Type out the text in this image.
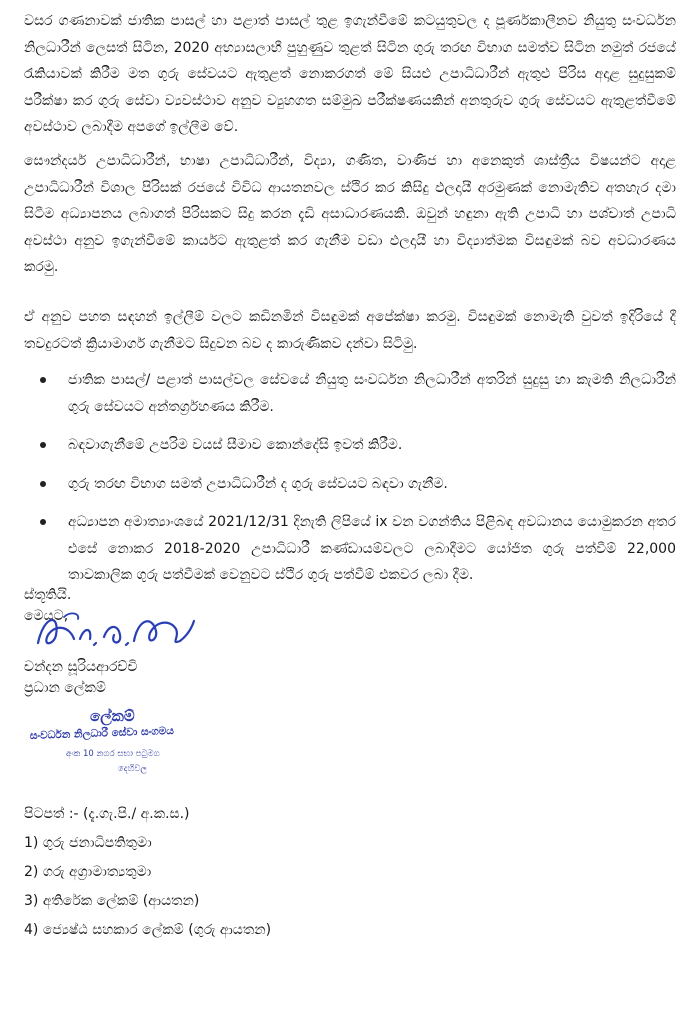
වසර ගණනාවක් ජාතික පාසල් හා පළාත් පාසල් තුළ ඉගැන්වීමේ කටයුතුවල ද පූර්ණකාලීනව නියුතු සංවර්ධන නිලධාරීන් ලෙසත් සිටින, 2020 අභ්‍යාසලාභී පුහුණුව තුළත් සිටින ගුරු තරඟ විභාග සමත්ව සිටින නමුත් රජයේ රැකියාවක් කිරීම මත ගුරු සේවයට ඇතුළත් නොකරගත් මේ සියළු උපාධිධාරීන් ඇතුළු පිරිස අදාළ සුදුසුකම් පරීක්ෂා කර ගුරු සේවා ව්‍යවස්ථාව අනුව ව්‍යුහගත සම්මුඛ පරීක්ෂණයකින් අනතුරුව ගුරු සේවයට ඇතුළත්වීමේ අවස්ථාව ලබාදීම අපගේ ඉල්ලීම වේ.

සෞන්දර්ය උපාධිධාරීන්, භාෂා උපාධිධාරීන්, විද්‍යා, ගණිත, වාණිජ හා අනෙකුත් ශාස්ත්‍රීය විෂයන්ට අදාළ උපාධිධාරීන් විශාල පිරිසක් රජයේ විවිධ ආයතනවල ස්ථිර කර කිසිදු ඵලදායී අරමුණක් නොමැතිව අතහැර දමා සිටීම අධ්‍යාපනය ලබාගත් පිරිසකට සිදු කරන දැඩි අසාධාරණයකි. ඔවුන් හඳුනා ඇති උපාධි හා පශ්චාත් උපාධි අවස්ථා අනුව ඉගැන්වීමේ කාර්යට ඇතුළත් කර ගැනීම වඩා ඵලදායී හා විද්‍යාත්මක විසඳුමක් බව අවධාරණය කරමු.

ඒ අනුව පහත සඳහන් ඉල්ලීම් වලට කඩිනමින් විසඳුමක් අපේක්ෂා කරමු. විසඳුමක් නොමැති වුවත් ඉදිරියේ දී තවදුරටත් ක්‍රියාමාර්ග ගැනීමට සිදුවන බව ද කාරුණිකව දන්වා සිටිමු.

ජාතික පාසල්/ පළාත් පාසල්වල සේවයේ නියුතු සංවර්ධන නිලධාරීන් අතරින් සුදුසු හා කැමති නිලධාරීන් ගුරු සේවයට අන්තර්ග්‍රහණය කිරීම.
බඳවාගැනීමේ උපරිම වයස් සීමාව කොන්දේසි ඉවත් කිරීම.
ගුරු තරඟ විභාග සමත් උපාධිධාරීන් ද ගුරු සේවයට බඳවා ගැනීම.
අධ්‍යාපන අමාත්‍යාංශයේ 2021/12/31 දිනැති ලිපියේ ix වන වගන්තිය පිළිබඳ අවධානය යොමුකරන අතර එසේ නොකර 2018-2020 උපාධිධාරී කණ්ඩායම්වලට ලබාදීමට යෝජිත ගුරු පත්වීම් 22,000 තාවකාලික ගුරු පත්වීමක් වෙනුවට ස්ථිර ගුරු පත්වීම් එකවර ලබා දීම.

ස්තූතියි.

මෙයට,

චන්දන සූරියආරච්චි
ප්‍රධාන ලේකම්
ලේකම්
සංවර්ධන නිලධාරී සේවා සංගමය
අංක 10 නගර සභා පටුමග
දෙහිවල

පිටපත් :- (දැ.ගැ.පි./ අ.ක.ස.)

1) ගුරු ජනාධිපතිතුමා

2) ගරු අග්‍රාමාත්‍යතුමා

3) අතිරේක ලේකම් (ආයතන)

4) ජ්‍යෙෂ්ඨ සහකාර ලේකම් (ගුරු ආයතන)
